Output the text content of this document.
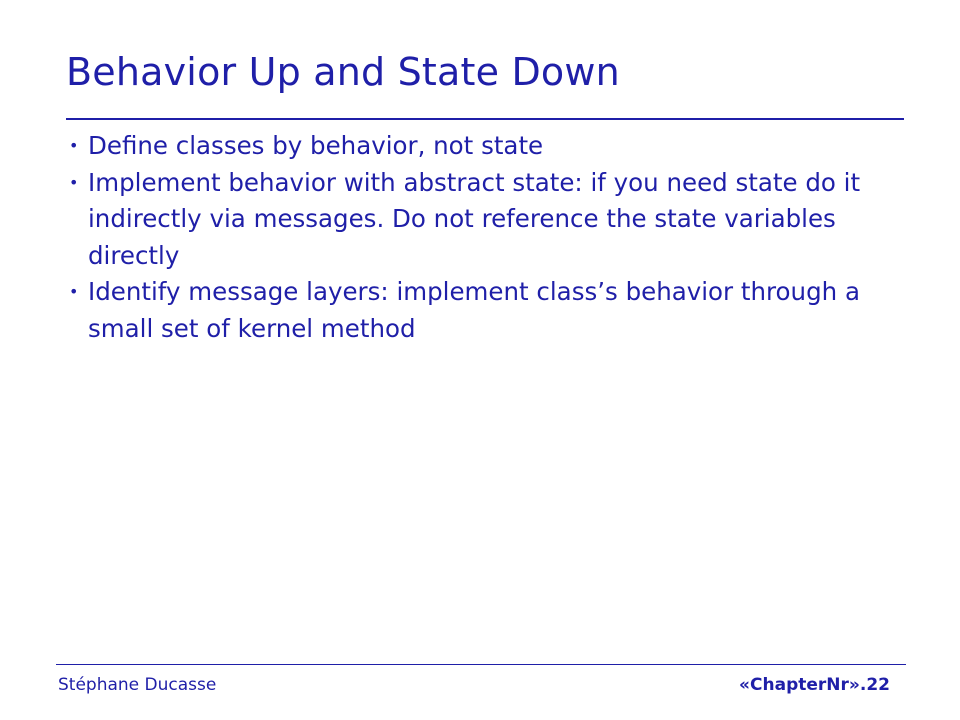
Behavior Up and State Down
• Define classes by behavior, not state
• Implement behavior with abstract state: if you need state do it indirectly via messages. Do not reference the state variables directly
• Identify message layers: implement class’s behavior through a small set of kernel method
Stéphane Ducasse	«ChapterNr».22
